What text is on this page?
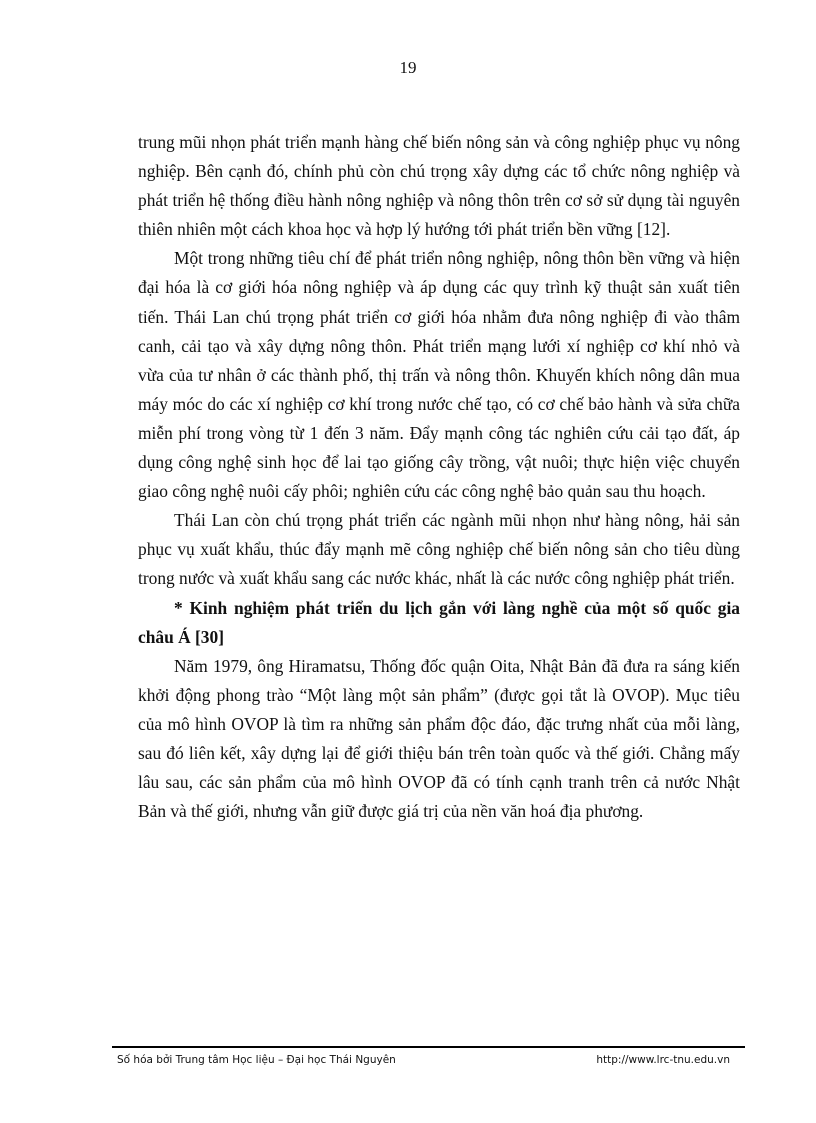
19

trung mũi nhọn phát triển mạnh hàng chế biến nông sản và công nghiệp phục vụ nông nghiệp. Bên cạnh đó, chính phủ còn chú trọng xây dựng các tổ chức nông nghiệp và phát triển hệ thống điều hành nông nghiệp và nông thôn trên cơ sở sử dụng tài nguyên thiên nhiên một cách khoa học và hợp lý hướng tới phát triển bền vững [12].

Một trong những tiêu chí để phát triển nông nghiệp, nông thôn bền vững và hiện đại hóa là cơ giới hóa nông nghiệp và áp dụng các quy trình kỹ thuật sản xuất tiên tiến. Thái Lan chú trọng phát triển cơ giới hóa nhằm đưa nông nghiệp đi vào thâm canh, cải tạo và xây dựng nông thôn. Phát triển mạng lưới xí nghiệp cơ khí nhỏ và vừa của tư nhân ở các thành phố, thị trấn và nông thôn. Khuyến khích nông dân mua máy móc do các xí nghiệp cơ khí trong nước chế tạo, có cơ chế bảo hành và sửa chữa miễn phí trong vòng từ 1 đến 3 năm. Đẩy mạnh công tác nghiên cứu cải tạo đất, áp dụng công nghệ sinh học để lai tạo giống cây trồng, vật nuôi; thực hiện việc chuyển giao công nghệ nuôi cấy phôi; nghiên cứu các công nghệ bảo quản sau thu hoạch.

Thái Lan còn chú trọng phát triển các ngành mũi nhọn như hàng nông, hải sản phục vụ xuất khẩu, thúc đẩy mạnh mẽ công nghiệp chế biến nông sản cho tiêu dùng trong nước và xuất khẩu sang các nước khác, nhất là các nước công nghiệp phát triển.

* Kinh nghiệm phát triển du lịch gắn với làng nghề của một số quốc gia châu Á [30]

Năm 1979, ông Hiramatsu, Thống đốc quận Oita, Nhật Bản đã đưa ra sáng kiến khởi động phong trào “Một làng một sản phẩm” (được gọi tắt là OVOP). Mục tiêu của mô hình OVOP là tìm ra những sản phẩm độc đáo, đặc trưng nhất của mỗi làng, sau đó liên kết, xây dựng lại để giới thiệu bán trên toàn quốc và thế giới. Chẳng mấy lâu sau, các sản phẩm của mô hình OVOP đã có tính cạnh tranh trên cả nước Nhật Bản và thế giới, nhưng vẫn giữ được giá trị của nền văn hoá địa phương.

Số hóa bởi Trung tâm Học liệu – Đại học Thái Nguyên	http://www.lrc-tnu.edu.vn
